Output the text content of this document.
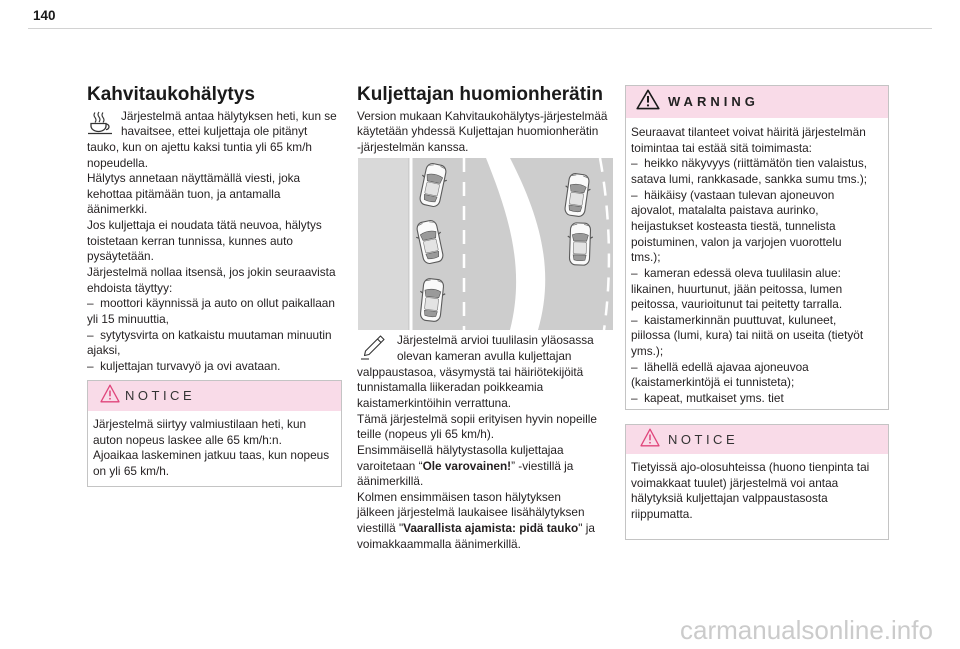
140
Kahvitaukohälytys
Järjestelmä antaa hälytyksen heti, kun se
havaitsee, ettei kuljettaja ole pitänyt
tauko, kun on ajettu kaksi tuntia yli 65 km/h
nopeudella.
Hälytys annetaan näyttämällä viesti, joka
kehottaa pitämään tuon, ja antamalla
äänimerkki.
Jos kuljettaja ei noudata tätä neuvoa, hälytys
toistetaan kerran tunnissa, kunnes auto
pysäytetään.
Järjestelmä nollaa itsensä, jos jokin seuraavista
ehdoista täyttyy:
–  moottori käynnissä ja auto on ollut paikallaan
yli 15 minuuttia,
–  sytytysvirta on katkaistu muutaman minuutin
ajaksi,
–  kuljettajan turvavyö ja ovi avataan.
NOTICE
Järjestelmä siirtyy valmiustilaan heti, kun
auton nopeus laskee alle 65 km/h:n.
Ajoaikaa laskeminen jatkuu taas, kun nopeus
on yli 65 km/h.
Kuljettajan huomionherätin
Version mukaan Kahvitaukohälytys-järjestelmää
käytetään yhdessä Kuljettajan huomionherätin
-järjestelmän kanssa.
Järjestelmä arvioi tuulilasin yläosassa
olevan kameran avulla kuljettajan
valppaustasoa, väsymystä tai häiriötekijöitä
tunnistamalla liikeradan poikkeamia
kaistamerkintöihin verrattuna.
Tämä järjestelmä sopii erityisen hyvin nopeille
teille (nopeus yli 65 km/h).
Ensimmäisellä hälytystasolla kuljettajaa
varoitetaan “Ole varovainen!” -viestillä ja
äänimerkillä.
Kolmen ensimmäisen tason hälytyksen
jälkeen järjestelmä laukaisee lisähälytyksen
viestillä "Vaarallista ajamista: pidä tauko" ja
voimakkaammalla äänimerkillä.
WARNING
Seuraavat tilanteet voivat häiritä järjestelmän
toimintaa tai estää sitä toimimasta:
–  heikko näkyvyys (riittämätön tien valaistus,
satava lumi, rankkasade, sankka sumu tms.);
–  häikäisy (vastaan tulevan ajoneuvon
ajovalot, matalalta paistava aurinko,
heijastukset kosteasta tiestä, tunnelista
poistuminen, valon ja varjojen vuorottelu
tms.);
–  kameran edessä oleva tuulilasin alue:
likainen, huurtunut, jään peitossa, lumen
peitossa, vaurioitunut tai peitetty tarralla.
–  kaistamerkinnän puuttuvat, kuluneet,
piilossa (lumi, kura) tai niitä on useita (tietyöt
yms.);
–  lähellä edellä ajavaa ajoneuvoa
(kaistamerkintöjä ei tunnisteta);
–  kapeat, mutkaiset yms. tiet
NOTICE
Tietyissä ajo-olosuhteissa (huono tienpinta tai
voimakkaat tuulet) järjestelmä voi antaa
hälytyksiä kuljettajan valppaustasosta
riippumatta.
carmanualsonline.info
